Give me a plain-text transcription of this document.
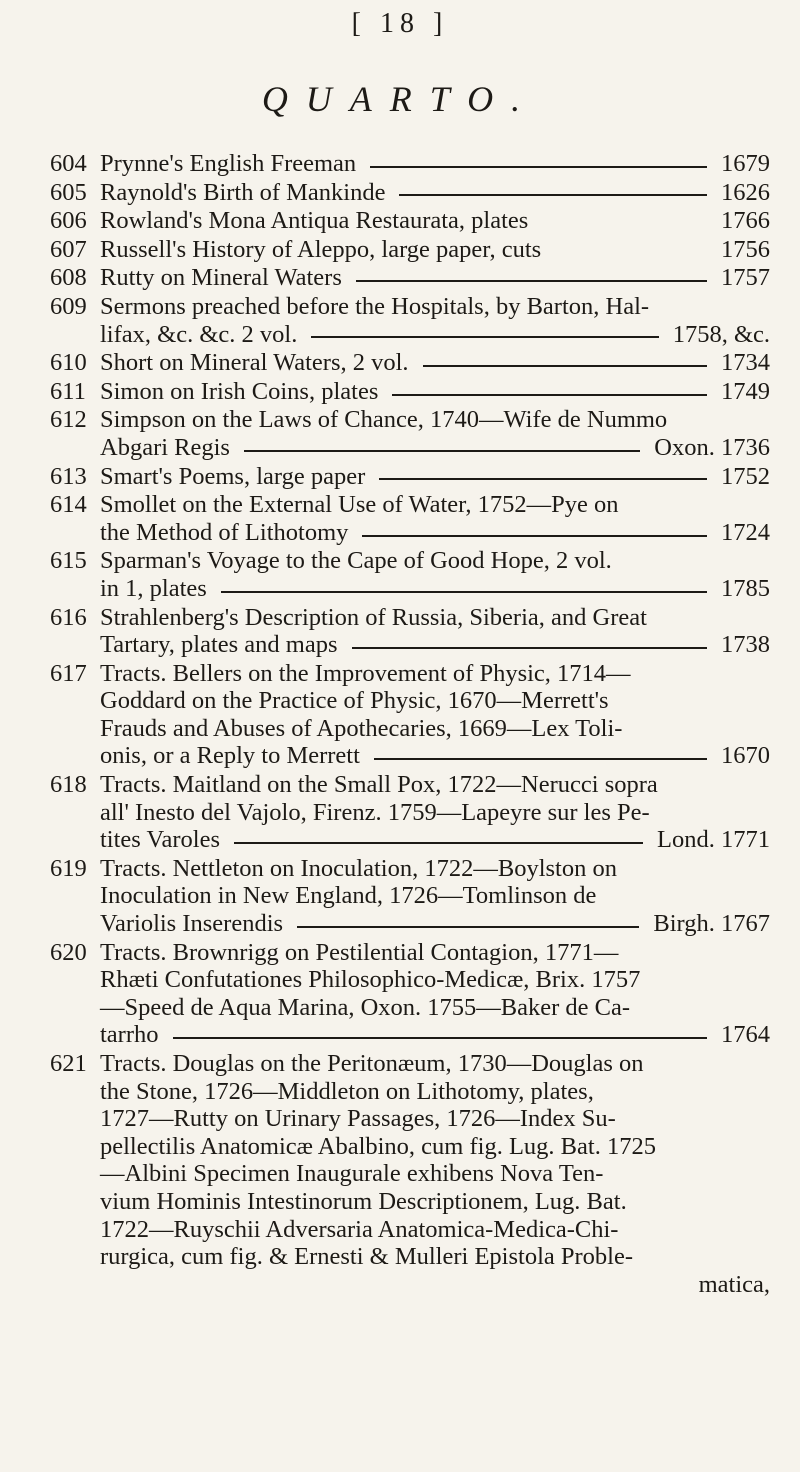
[ 18 ]
QUARTO.
604 Prynne's English Freeman	1679
605 Raynold's Birth of Mankinde	1626
606 Rowland's Mona Antiqua Restaurata, plates	1766
607 Russell's History of Aleppo, large paper, cuts	1756
608 Rutty on Mineral Waters	1757
609 Sermons preached before the Hospitals, by Barton, Hal-
lifax, &c. &c. 2 vol.	1758, &c.
610 Short on Mineral Waters, 2 vol.	1734
611 Simon on Irish Coins, plates	1749
612 Simpson on the Laws of Chance, 1740—Wife de Nummo
Abgari Regis	Oxon. 1736
613 Smart's Poems, large paper	1752
614 Smollet on the External Use of Water, 1752—Pye on
the Method of Lithotomy	1724
615 Sparman's Voyage to the Cape of Good Hope, 2 vol.
in 1, plates	1785
616 Strahlenberg's Description of Russia, Siberia, and Great
Tartary, plates and maps	1738
617 Tracts. Bellers on the Improvement of Physic, 1714—
Goddard on the Practice of Physic, 1670—Merrett's
Frauds and Abuses of Apothecaries, 1669—Lex Toli-
onis, or a Reply to Merrett	1670
618 Tracts. Maitland on the Small Pox, 1722—Nerucci sopra
all' Inesto del Vajolo, Firenz. 1759—Lapeyre sur les Pe-
tites Varoles	Lond. 1771
619 Tracts. Nettleton on Inoculation, 1722—Boylston on
Inoculation in New England, 1726—Tomlinson de
Variolis Inserendis	Birgh. 1767
620 Tracts. Brownrigg on Pestilential Contagion, 1771—
Rhæti Confutationes Philosophico-Medicæ, Brix. 1757
—Speed de Aqua Marina, Oxon. 1755—Baker de Ca-
tarrho	1764
621 Tracts. Douglas on the Peritonæum, 1730—Douglas on
the Stone, 1726—Middleton on Lithotomy, plates,
1727—Rutty on Urinary Passages, 1726—Index Su-
pellectilis Anatomicæ Abalbino, cum fig. Lug. Bat. 1725
—Albini Specimen Inaugurale exhibens Nova Ten-
vium Hominis Intestinorum Descriptionem, Lug. Bat.
1722—Ruyschii Adversaria Anatomica-Medica-Chi-
rurgica, cum fig. & Ernesti & Mulleri Epistola Proble-
matica,
